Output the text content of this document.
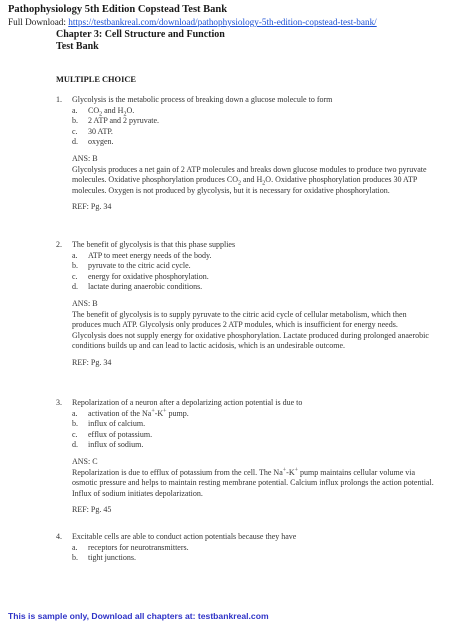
Pathophysiology 5th Edition Copstead Test Bank
Full Download: https://testbankreal.com/download/pathophysiology-5th-edition-copstead-test-bank/
Chapter 3: Cell Structure and Function
Test Bank
MULTIPLE CHOICE
1.	Glycolysis is the metabolic process of breaking down a glucose molecule to form
a.	$CO_2$ and $H_2O$.
b.	2 ATP and 2 pyruvate.
c.	30 ATP.
d.	oxygen.
ANS: B
Glycolysis produces a net gain of 2 ATP molecules and breaks down glucose modules to produce two pyruvate molecules. Oxidative phosphorylation produces $CO_2$ and $H_2O$. Oxidative phosphorylation produces 30 ATP molecules. Oxygen is not produced by glycolysis, but it is necessary for oxidative phosphorylation.
REF: Pg. 34
2.	The benefit of glycolysis is that this phase supplies
a.	ATP to meet energy needs of the body.
b.	pyruvate to the citric acid cycle.
c.	energy for oxidative phosphorylation.
d.	lactate during anaerobic conditions.
ANS: B
The benefit of glycolysis is to supply pyruvate to the citric acid cycle of cellular metabolism, which then produces much ATP. Glycolysis only produces 2 ATP modules, which is insufficient for energy needs. Glycolysis does not supply energy for oxidative phosphorylation. Lactate produced during prolonged anaerobic conditions builds up and can lead to lactic acidosis, which is an undesirable outcome.
REF: Pg. 34
3.	Repolarization of a neuron after a depolarizing action potential is due to
a.	activation of the Na+-K+ pump.
b.	influx of calcium.
c.	efflux of potassium.
d.	influx of sodium.
ANS: C
Repolarization is due to efflux of potassium from the cell. The Na+-K+ pump maintains cellular volume via osmotic pressure and helps to maintain resting membrane potential. Calcium influx prolongs the action potential. Influx of sodium initiates depolarization.
REF: Pg. 45
4.	Excitable cells are able to conduct action potentials because they have
a.	receptors for neurotransmitters.
b.	tight junctions.
This is sample only, Download all chapters at: testbankreal.com
